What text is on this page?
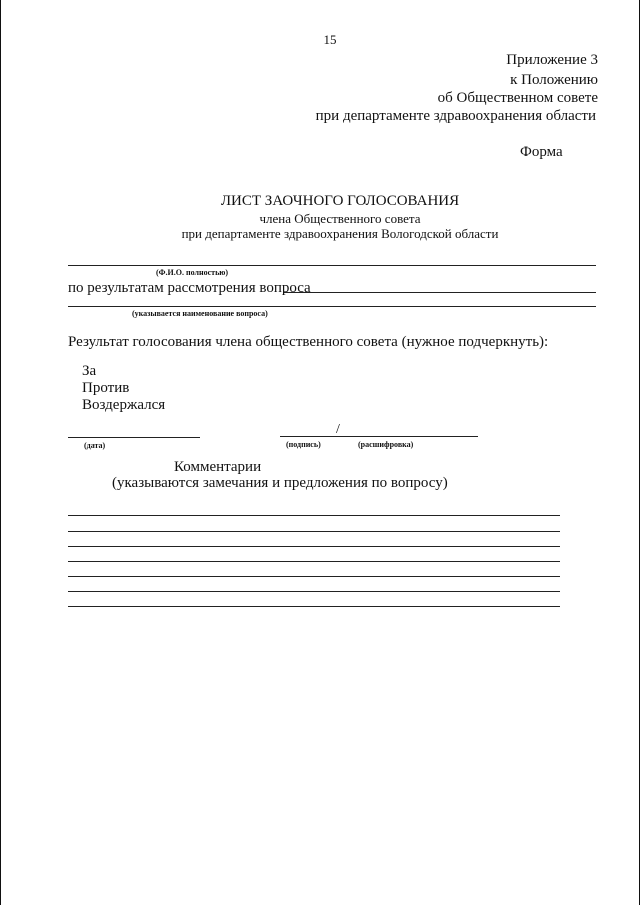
15
Приложение 3
к Положению
об Общественном совете
при департаменте здравоохранения области
Форма
ЛИСТ ЗАОЧНОГО ГОЛОСОВАНИЯ
члена Общественного совета
при департаменте здравоохранения Вологодской области
(Ф.И.О. полностью)
по результатам рассмотрения вопроса
(указывается наименование вопроса)
Результат голосования члена общественного совета (нужное подчеркнуть):
За
Против
Воздержался
(дата)
/
(подпись)	(расшифровка)
Комментарии
(указываются замечания и предложения по вопросу)
